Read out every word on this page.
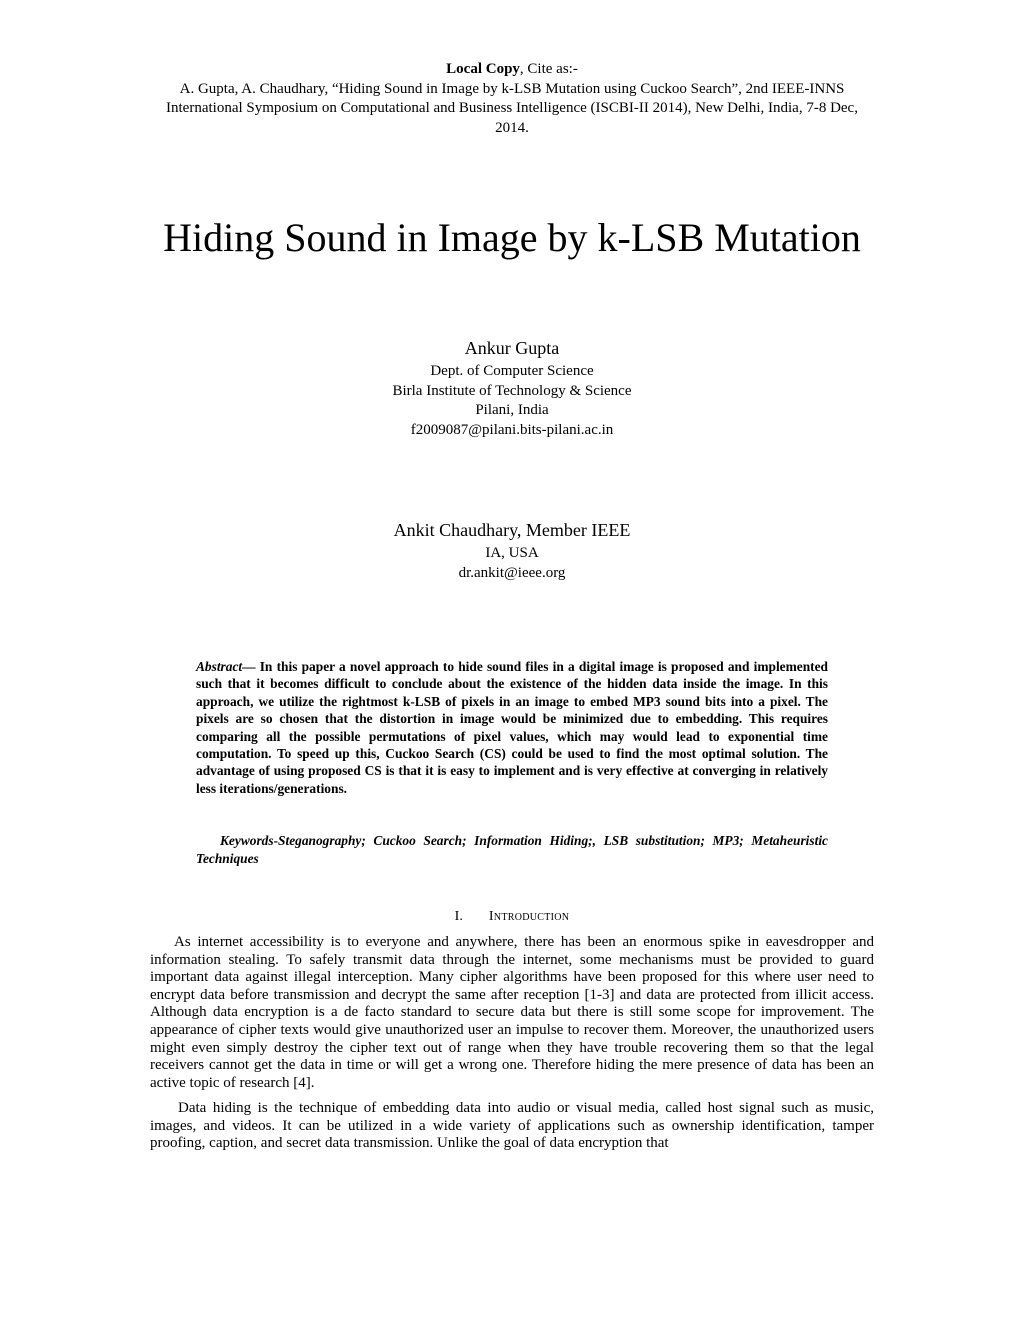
Local Copy, Cite as:-
A. Gupta, A. Chaudhary, “Hiding Sound in Image by k-LSB Mutation using Cuckoo Search”, 2nd IEEE-INNS International Symposium on Computational and Business Intelligence (ISCBI-II 2014), New Delhi, India, 7-8 Dec, 2014.
Hiding Sound in Image by k-LSB Mutation
Ankur Gupta
Dept. of Computer Science
Birla Institute of Technology & Science
Pilani, India
f2009087@pilani.bits-pilani.ac.in
Ankit Chaudhary, Member IEEE
IA, USA
dr.ankit@ieee.org

Abstract— In this paper a novel approach to hide sound files in a digital image is proposed and implemented such that it becomes difficult to conclude about the existence of the hidden data inside the image. In this approach, we utilize the rightmost k-LSB of pixels in an image to embed MP3 sound bits into a pixel. The pixels are so chosen that the distortion in image would be minimized due to embedding. This requires comparing all the possible permutations of pixel values, which may would lead to exponential time computation. To speed up this, Cuckoo Search (CS) could be used to find the most optimal solution. The advantage of using proposed CS is that it is easy to implement and is very effective at converging in relatively less iterations/generations.

Keywords-Steganography; Cuckoo Search; Information Hiding;, LSB substitution; MP3; Metaheuristic Techniques

I. Introduction

As internet accessibility is to everyone and anywhere, there has been an enormous spike in eavesdropper and information stealing. To safely transmit data through the internet, some mechanisms must be provided to guard important data against illegal interception. Many cipher algorithms have been proposed for this where user need to encrypt data before transmission and decrypt the same after reception [1-3] and data are protected from illicit access. Although data encryption is a de facto standard to secure data but there is still some scope for improvement. The appearance of cipher texts would give unauthorized user an impulse to recover them. Moreover, the unauthorized users might even simply destroy the cipher text out of range when they have trouble recovering them so that the legal receivers cannot get the data in time or will get a wrong one. Therefore hiding the mere presence of data has been an active topic of research [4].

Data hiding is the technique of embedding data into audio or visual media, called host signal such as music, images, and videos. It can be utilized in a wide variety of applications such as ownership identification, tamper proofing, caption, and secret data transmission. Unlike the goal of data encryption that
